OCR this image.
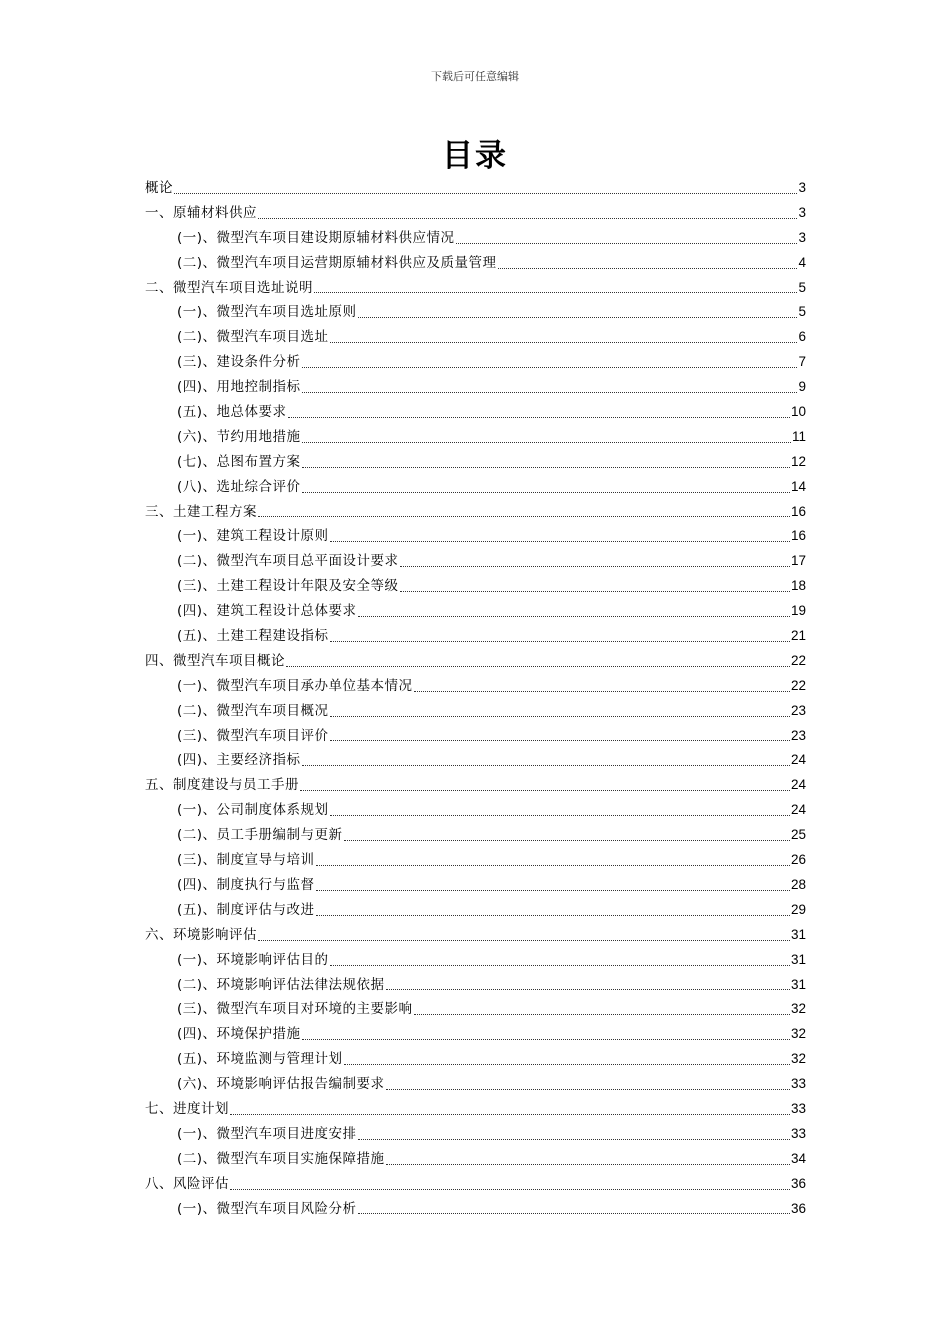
下载后可任意编辑
目录
概论	3
一、原辅材料供应	3
(一)、微型汽车项目建设期原辅材料供应情况	3
(二)、微型汽车项目运营期原辅材料供应及质量管理	4
二、微型汽车项目选址说明	5
(一)、微型汽车项目选址原则	5
(二)、微型汽车项目选址	6
(三)、建设条件分析	7
(四)、用地控制指标	9
(五)、地总体要求	10
(六)、节约用地措施	11
(七)、总图布置方案	12
(八)、选址综合评价	14
三、土建工程方案	16
(一)、建筑工程设计原则	16
(二)、微型汽车项目总平面设计要求	17
(三)、土建工程设计年限及安全等级	18
(四)、建筑工程设计总体要求	19
(五)、土建工程建设指标	21
四、微型汽车项目概论	22
(一)、微型汽车项目承办单位基本情况	22
(二)、微型汽车项目概况	23
(三)、微型汽车项目评价	23
(四)、主要经济指标	24
五、制度建设与员工手册	24
(一)、公司制度体系规划	24
(二)、员工手册编制与更新	25
(三)、制度宣导与培训	26
(四)、制度执行与监督	28
(五)、制度评估与改进	29
六、环境影响评估	31
(一)、环境影响评估目的	31
(二)、环境影响评估法律法规依据	31
(三)、微型汽车项目对环境的主要影响	32
(四)、环境保护措施	32
(五)、环境监测与管理计划	32
(六)、环境影响评估报告编制要求	33
七、进度计划	33
(一)、微型汽车项目进度安排	33
(二)、微型汽车项目实施保障措施	34
八、风险评估	36
(一)、微型汽车项目风险分析	36
